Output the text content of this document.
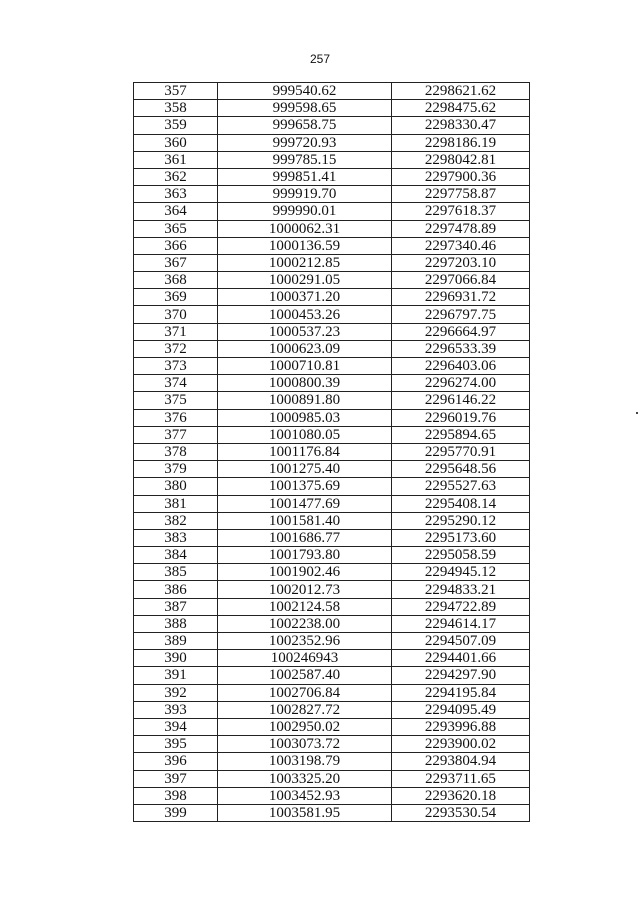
257
357	999540.62	2298621.62
358	999598.65	2298475.62
359	999658.75	2298330.47
360	999720.93	2298186.19
361	999785.15	2298042.81
362	999851.41	2297900.36
363	999919.70	2297758.87
364	999990.01	2297618.37
365	1000062.31	2297478.89
366	1000136.59	2297340.46
367	1000212.85	2297203.10
368	1000291.05	2297066.84
369	1000371.20	2296931.72
370	1000453.26	2296797.75
371	1000537.23	2296664.97
372	1000623.09	2296533.39
373	1000710.81	2296403.06
374	1000800.39	2296274.00
375	1000891.80	2296146.22
376	1000985.03	2296019.76
377	1001080.05	2295894.65
378	1001176.84	2295770.91
379	1001275.40	2295648.56
380	1001375.69	2295527.63
381	1001477.69	2295408.14
382	1001581.40	2295290.12
383	1001686.77	2295173.60
384	1001793.80	2295058.59
385	1001902.46	2294945.12
386	1002012.73	2294833.21
387	1002124.58	2294722.89
388	1002238.00	2294614.17
389	1002352.96	2294507.09
390	100246943	2294401.66
391	1002587.40	2294297.90
392	1002706.84	2294195.84
393	1002827.72	2294095.49
394	1002950.02	2293996.88
395	1003073.72	2293900.02
396	1003198.79	2293804.94
397	1003325.20	2293711.65
398	1003452.93	2293620.18
399	1003581.95	2293530.54
